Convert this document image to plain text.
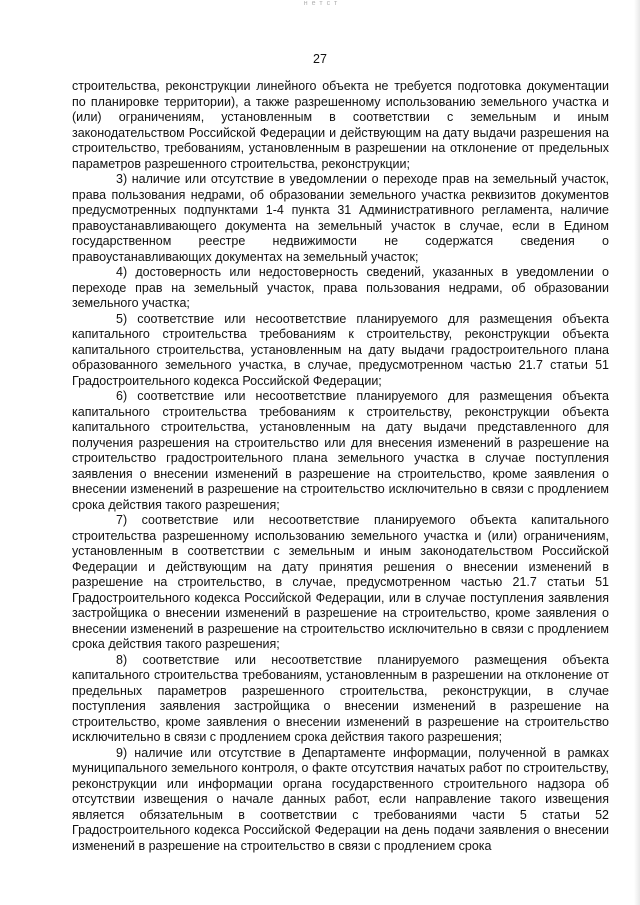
н е т с т
27

строительства, реконструкции линейного объекта не требуется подготовка документации по планировке территории), а также разрешенному использованию земельного участка и (или) ограничениям, установленным в соответствии с земельным и иным законодательством Российской Федерации и действующим на дату выдачи разрешения на строительство, требованиям, установленным в разрешении на отклонение от предельных параметров разрешенного строительства, реконструкции;

3) наличие или отсутствие в уведомлении о переходе прав на земельный участок, права пользования недрами, об образовании земельного участка реквизитов документов предусмотренных подпунктами 1-4 пункта 31 Административного регламента, наличие правоустанавливающего документа на земельный участок в случае, если в Едином государственном реестре недвижимости не содержатся сведения о правоустанавливающих документах на земельный участок;

4) достоверность или недостоверность сведений, указанных в уведомлении о переходе прав на земельный участок, права пользования недрами, об образовании земельного участка;

5) соответствие или несоответствие планируемого для размещения объекта капитального строительства требованиям к строительству, реконструкции объекта капитального строительства, установленным на дату выдачи градостроительного плана образованного земельного участка, в случае, предусмотренном частью 21.7 статьи 51 Градостроительного кодекса Российской Федерации;

6) соответствие или несоответствие планируемого для размещения объекта капитального строительства требованиям к строительству, реконструкции объекта капитального строительства, установленным на дату выдачи представленного для получения разрешения на строительство или для внесения изменений в разрешение на строительство градостроительного плана земельного участка в случае поступления заявления о внесении изменений в разрешение на строительство, кроме заявления о внесении изменений в разрешение на строительство исключительно в связи с продлением срока действия такого разрешения;

7) соответствие или несоответствие планируемого объекта капитального строительства разрешенному использованию земельного участка и (или) ограничениям, установленным в соответствии с земельным и иным законодательством Российской Федерации и действующим на дату принятия решения о внесении изменений в разрешение на строительство, в случае, предусмотренном частью 21.7 статьи 51 Градостроительного кодекса Российской Федерации, или в случае поступления заявления застройщика о внесении изменений в разрешение на строительство, кроме заявления о внесении изменений в разрешение на строительство исключительно в связи с продлением срока действия такого разрешения;

8) соответствие или несоответствие планируемого размещения объекта капитального строительства требованиям, установленным в разрешении на отклонение от предельных параметров разрешенного строительства, реконструкции, в случае поступления заявления застройщика о внесении изменений в разрешение на строительство, кроме заявления о внесении изменений в разрешение на строительство исключительно в связи с продлением срока действия такого разрешения;

9) наличие или отсутствие в Департаменте информации, полученной в рамках муниципального земельного контроля, о факте отсутствия начатых работ по строительству, реконструкции или информации органа государственного строительного надзора об отсутствии извещения о начале данных работ, если направление такого извещения является обязательным в соответствии с требованиями части 5 статьи 52 Градостроительного кодекса Российской Федерации на день подачи заявления о внесении изменений в разрешение на строительство в связи с продлением срока
